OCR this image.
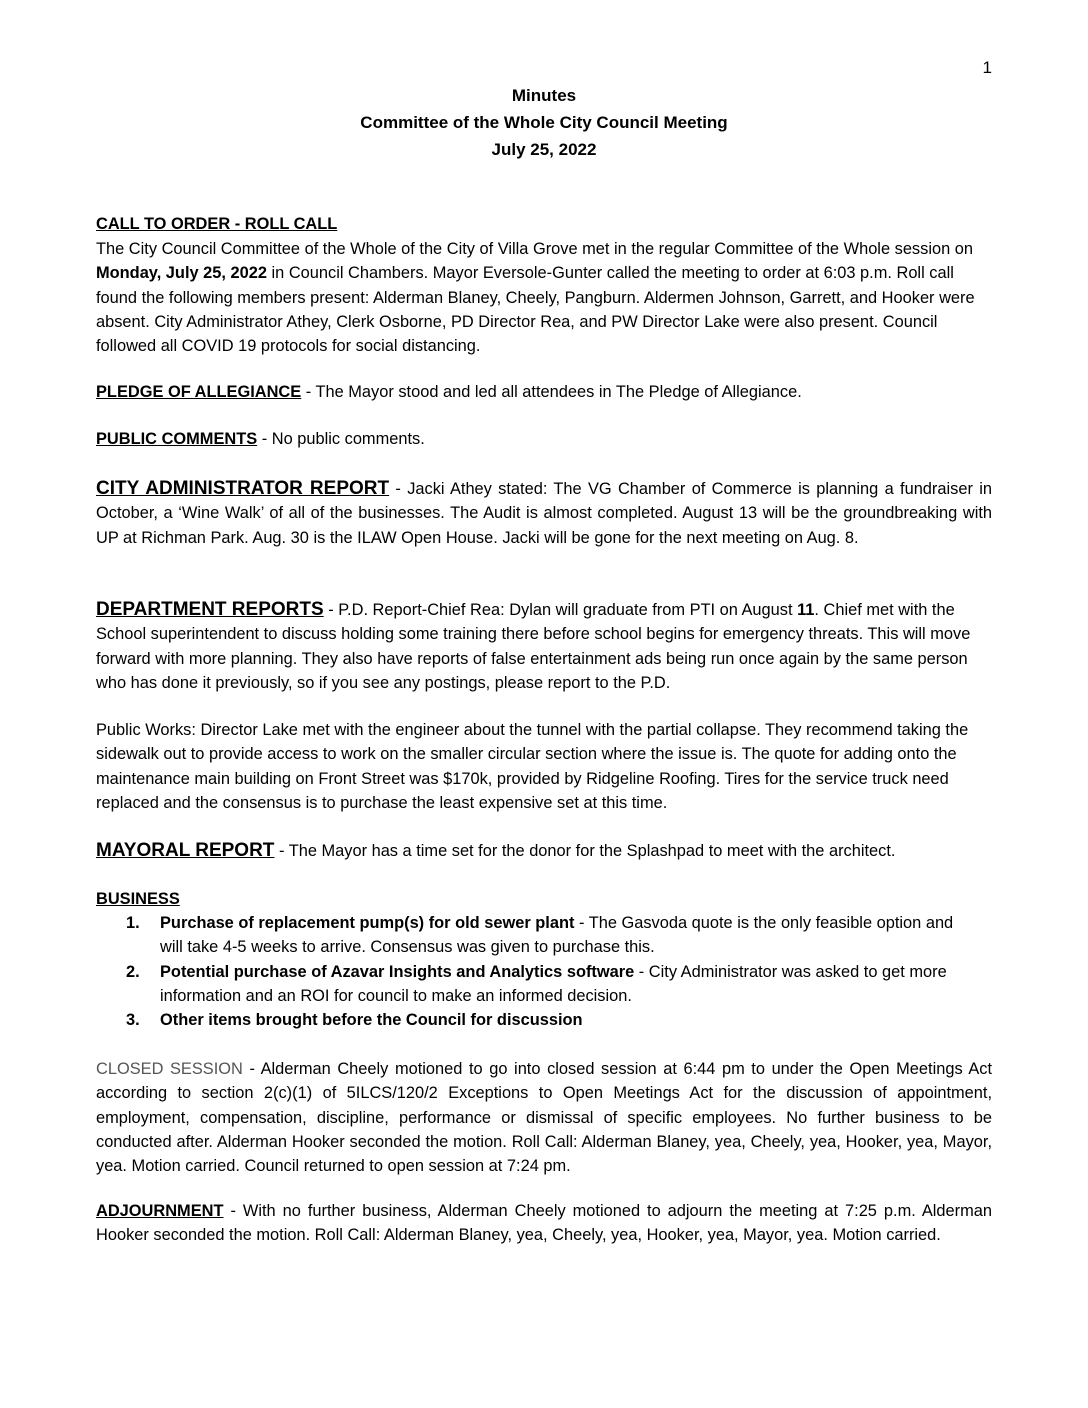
1
Minutes
Committee of the Whole City Council Meeting
July 25, 2022
CALL TO ORDER - ROLL CALL
The City Council Committee of the Whole of the City of Villa Grove met in the regular Committee of the Whole session on Monday, July 25, 2022 in Council Chambers. Mayor Eversole-Gunter called the meeting to order at 6:03 p.m. Roll call found the following members present: Alderman Blaney, Cheely, Pangburn. Aldermen Johnson, Garrett, and Hooker were absent. City Administrator Athey, Clerk Osborne, PD Director Rea, and PW Director Lake were also present. Council followed all COVID 19 protocols for social distancing.
PLEDGE OF ALLEGIANCE - The Mayor stood and led all attendees in The Pledge of Allegiance.
PUBLIC COMMENTS - No public comments.
CITY ADMINISTRATOR REPORT - Jacki Athey stated: The VG Chamber of Commerce is planning a fundraiser in October, a ‘Wine Walk’ of all of the businesses. The Audit is almost completed. August 13 will be the groundbreaking with UP at Richman Park. Aug. 30 is the ILAW Open House. Jacki will be gone for the next meeting on Aug. 8.
DEPARTMENT REPORTS - P.D. Report-Chief Rea: Dylan will graduate from PTI on August 11. Chief met with the School superintendent to discuss holding some training there before school begins for emergency threats. This will move forward with more planning. They also have reports of false entertainment ads being run once again by the same person who has done it previously, so if you see any postings, please report to the P.D.
Public Works: Director Lake met with the engineer about the tunnel with the partial collapse. They recommend taking the sidewalk out to provide access to work on the smaller circular section where the issue is. The quote for adding onto the maintenance main building on Front Street was $170k, provided by Ridgeline Roofing. Tires for the service truck need replaced and the consensus is to purchase the least expensive set at this time.
MAYORAL REPORT - The Mayor has a time set for the donor for the Splashpad to meet with the architect.
BUSINESS
1.	Purchase of replacement pump(s) for old sewer plant - The Gasvoda quote is the only feasible option and will take 4-5 weeks to arrive. Consensus was given to purchase this.
2.	Potential purchase of Azavar Insights and Analytics software - City Administrator was asked to get more information and an ROI for council to make an informed decision.
3.	Other items brought before the Council for discussion
CLOSED SESSION - Alderman Cheely motioned to go into closed session at 6:44 pm to under the Open Meetings Act according to section 2(c)(1) of 5ILCS/120/2 Exceptions to Open Meetings Act for the discussion of appointment, employment, compensation, discipline, performance or dismissal of specific employees. No further business to be conducted after. Alderman Hooker seconded the motion. Roll Call: Alderman Blaney, yea, Cheely, yea, Hooker, yea, Mayor, yea. Motion carried. Council returned to open session at 7:24 pm.
ADJOURNMENT - With no further business, Alderman Cheely motioned to adjourn the meeting at 7:25 p.m. Alderman Hooker seconded the motion. Roll Call: Alderman Blaney, yea, Cheely, yea, Hooker, yea, Mayor, yea. Motion carried.
